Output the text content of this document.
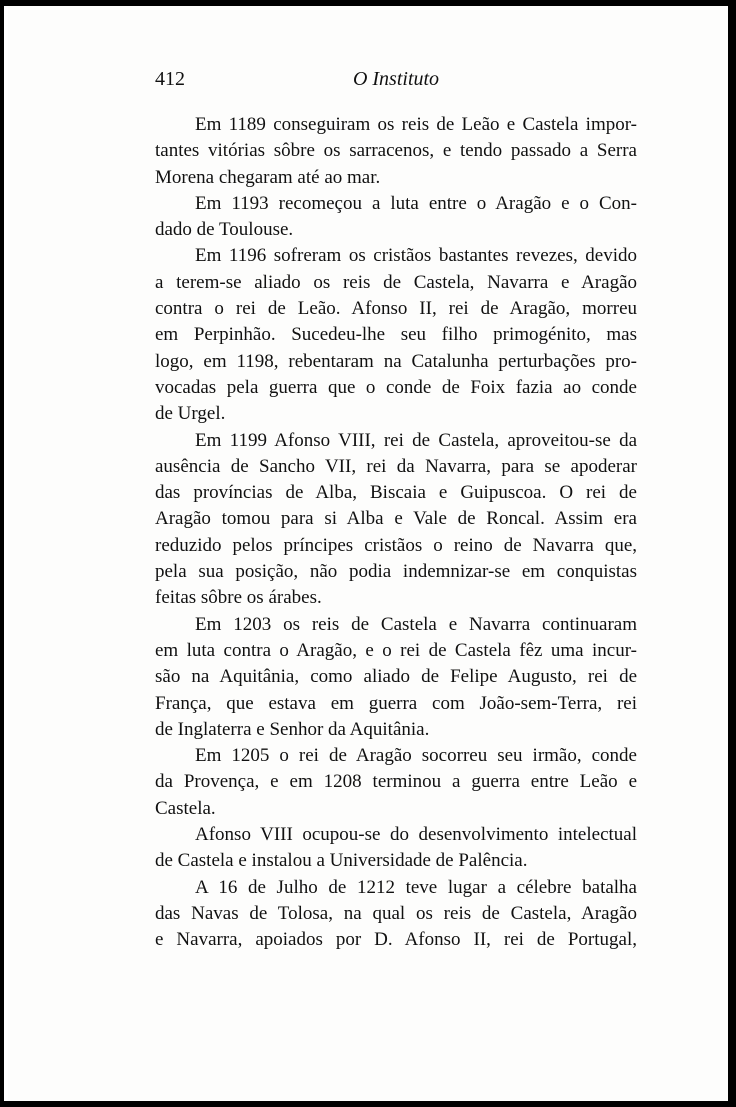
412	O Instituto

Em 1189 conseguiram os reis de Leão e Castela impor-
tantes vitórias sôbre os sarracenos, e tendo passado a Serra
Morena chegaram até ao mar.

Em 1193 recomeçou a luta entre o Aragão e o Con-
dado de Toulouse.

Em 1196 sofreram os cristãos bastantes revezes, devido
a terem-se aliado os reis de Castela, Navarra e Aragão
contra o rei de Leão. Afonso II, rei de Aragão, morreu
em Perpinhão. Sucedeu-lhe seu filho primogénito, mas
logo, em 1198, rebentaram na Catalunha perturbações pro-
vocadas pela guerra que o conde de Foix fazia ao conde
de Urgel.

Em 1199 Afonso VIII, rei de Castela, aproveitou-se da
ausência de Sancho VII, rei da Navarra, para se apoderar
das províncias de Alba, Biscaia e Guipuscoa. O rei de
Aragão tomou para si Alba e Vale de Roncal. Assim era
reduzido pelos príncipes cristãos o reino de Navarra que,
pela sua posição, não podia indemnizar-se em conquistas
feitas sôbre os árabes.

Em 1203 os reis de Castela e Navarra continuaram
em luta contra o Aragão, e o rei de Castela fêz uma incur-
são na Aquitânia, como aliado de Felipe Augusto, rei de
França, que estava em guerra com João-sem-Terra, rei
de Inglaterra e Senhor da Aquitânia.

Em 1205 o rei de Aragão socorreu seu irmão, conde
da Provença, e em 1208 terminou a guerra entre Leão e
Castela.

Afonso VIII ocupou-se do desenvolvimento intelectual
de Castela e instalou a Universidade de Palência.

A 16 de Julho de 1212 teve lugar a célebre batalha
das Navas de Tolosa, na qual os reis de Castela, Aragão
e Navarra, apoiados por D. Afonso II, rei de Portugal,
